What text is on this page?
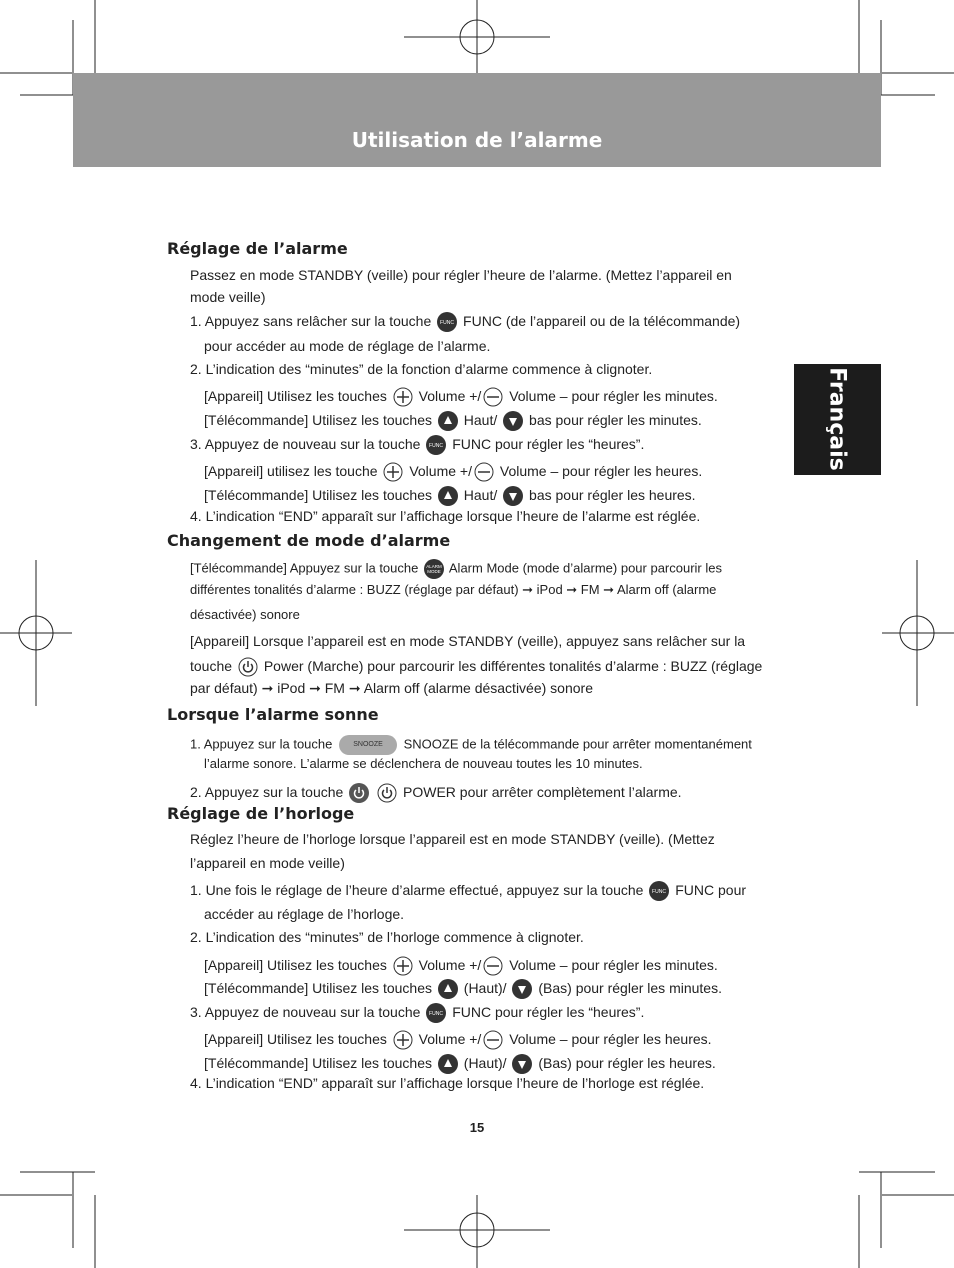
Utilisation de l’alarme
Français
Réglage de l’alarme
Passez en mode STANDBY (veille) pour régler l’heure de l’alarme. (Mettez l’appareil en
mode veille)
1. Appuyez sans relâcher sur la touche FUNC FUNC (de l’appareil ou de la télécommande)
pour accéder au mode de réglage de l’alarme.
2. L’indication des “minutes” de la fonction d’alarme commence à clignoter.
[Appareil] Utilisez les touches Volume +/ Volume – pour régler les minutes.
[Télécommande] Utilisez les touches Haut/ bas pour régler les minutes.
3. Appuyez de nouveau sur la touche FUNC FUNC pour régler les “heures”.
[Appareil] utilisez les touche Volume +/ Volume – pour régler les heures.
[Télécommande] Utilisez les touches Haut/ bas pour régler les heures.
4. L’indication “END” apparaît sur l’affichage lorsque l’heure de l’alarme est réglée.
Changement de mode d’alarme
[Télécommande] Appuyez sur la touche ALARM
MODE Alarm Mode (mode d’alarme) pour parcourir les
différentes tonalités d’alarme : BUZZ (réglage par défaut) ➞ iPod ➞ FM ➞ Alarm off (alarme
désactivée) sonore
[Appareil] Lorsque l’appareil est en mode STANDBY (veille), appuyez sans relâcher sur la
touche Power (Marche) pour parcourir les différentes tonalités d’alarme : BUZZ (réglage
par défaut) ➞ iPod ➞ FM ➞ Alarm off (alarme désactivée) sonore
Lorsque l’alarme sonne
1. Appuyez sur la touche	SNOOZE SNOOZE de la télécommande pour arrêter momentanément
l’alarme sonore. L’alarme se déclenchera de nouveau toutes les 10 minutes.
2. Appuyez sur la touche
	POWER pour arrêter complètement l’alarme.
Réglage de l’horloge
Réglez l’heure de l’horloge lorsque l’appareil est en mode STANDBY (veille). (Mettez
l’appareil en mode veille)
1. Une fois le réglage de l’heure d’alarme effectué, appuyez sur la touche FUNC FUNC pour
accéder au réglage de l’horloge.
2. L’indication des “minutes” de l’horloge commence à clignoter.
[Appareil] Utilisez les touches Volume +/ Volume – pour régler les minutes.
[Télécommande] Utilisez les touches (Haut)/ (Bas) pour régler les minutes.
3. Appuyez de nouveau sur la touche FUNC FUNC pour régler les “heures”.
[Appareil] Utilisez les touches Volume +/ Volume – pour régler les heures.
[Télécommande] Utilisez les touches (Haut)/ (Bas) pour régler les heures.
4. L’indication “END” apparaît sur l’affichage lorsque l’heure de l’horloge est réglée.
15
